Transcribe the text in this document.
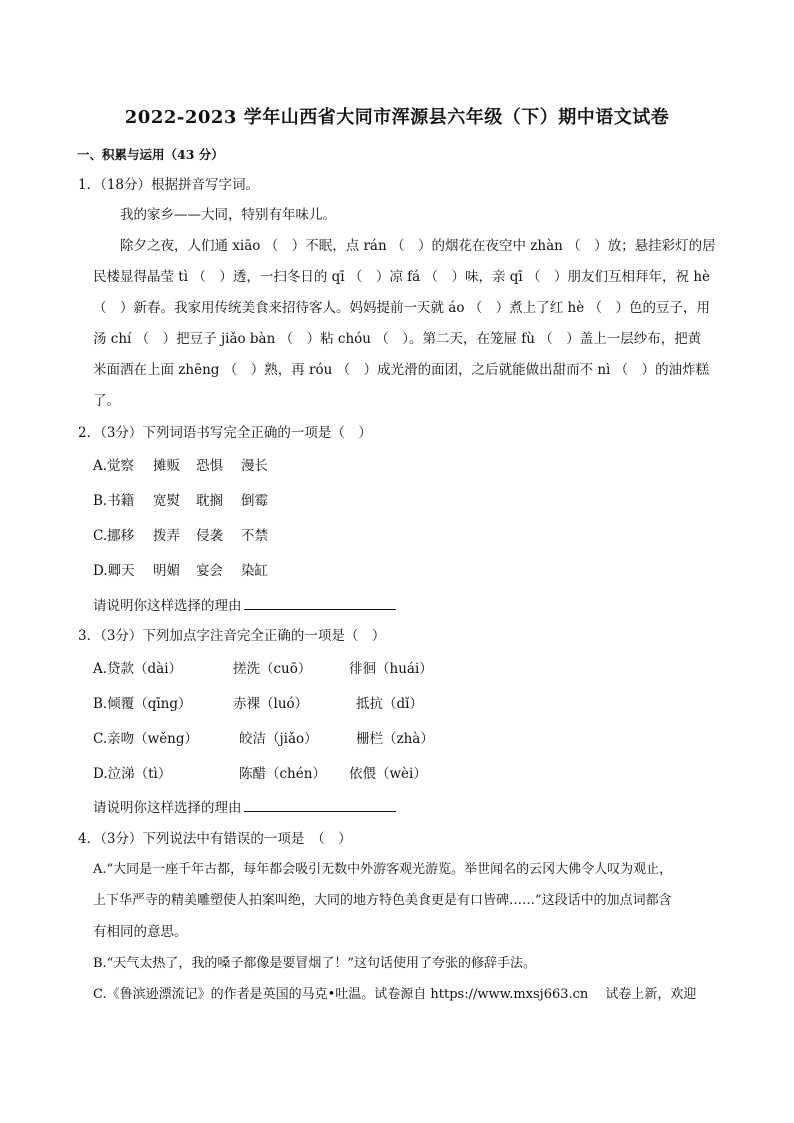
2022-2023 学年山西省大同市浑源县六年级（下）期中语文试卷
一、积累与运用（43 分）
1．（18分）根据拼音写字词。
我的家乡——大同，特别有年味儿。
除夕之夜，人们通 xiāo （　）不眠，点 rán （　）的烟花在夜空中 zhàn （　）放；悬挂彩灯的居
民楼显得晶莹 tì （　）透，一扫冬日的 qī （　）凉 fá （　）味，亲 qī （　）朋友们互相拜年，祝 hè
（　）新春。我家用传统美食来招待客人。妈妈提前一天就 áo （　）煮上了红 hè （　）色的豆子，用
汤 chí （　）把豆子 jiǎo bàn （　）粘 chóu （　）。第二天，在笼屉 fù （　）盖上一层纱布，把黄
米面洒在上面 zhēng （　）熟，再 róu （　）成光滑的面团，之后就能做出甜而不 nì （　）的油炸糕
了。
2．（3分）下列词语书写完全正确的一项是（　）
A.觉察 摊贩 恐惧 漫长
B.书籍 宽熨 耽搁 倒霉
C.挪移 拨弄 侵袭 不禁
D.卿天 明媚 宴会 染缸
请说明你这样选择的理由
3．（3分）下列加点字注音完全正确的一项是（　）
A.贷款（dài）	搓洗（cuō）	徘徊（huái）
B.倾覆（qīng）	赤裸（luó）	抵抗（dǐ）
C.亲吻（wěng）	皎洁（jiǎo）	栅栏（zhà）
D.泣涕（tì）	陈醋（chén） 依偎（wèi）
请说明你这样选择的理由
4．（3分）下列说法中有错误的一项是　（　）
A.“大同是一座千年古都，每年都会吸引无数中外游客观光游览。举世闻名的云冈大佛令人叹为观止，
上下华严寺的精美雕塑使人拍案叫绝，大同的地方特色美食更是有口皆碑……”这段话中的加点词都含
有相同的意思。
B.“天气太热了，我的嗓子都像是要冒烟了！”这句话使用了夸张的修辞手法。
C.《鲁滨逊漂流记》的作者是英国的马克•吐温。试卷源自 https://www.mxsj663.cn　 试卷上新，欢迎
